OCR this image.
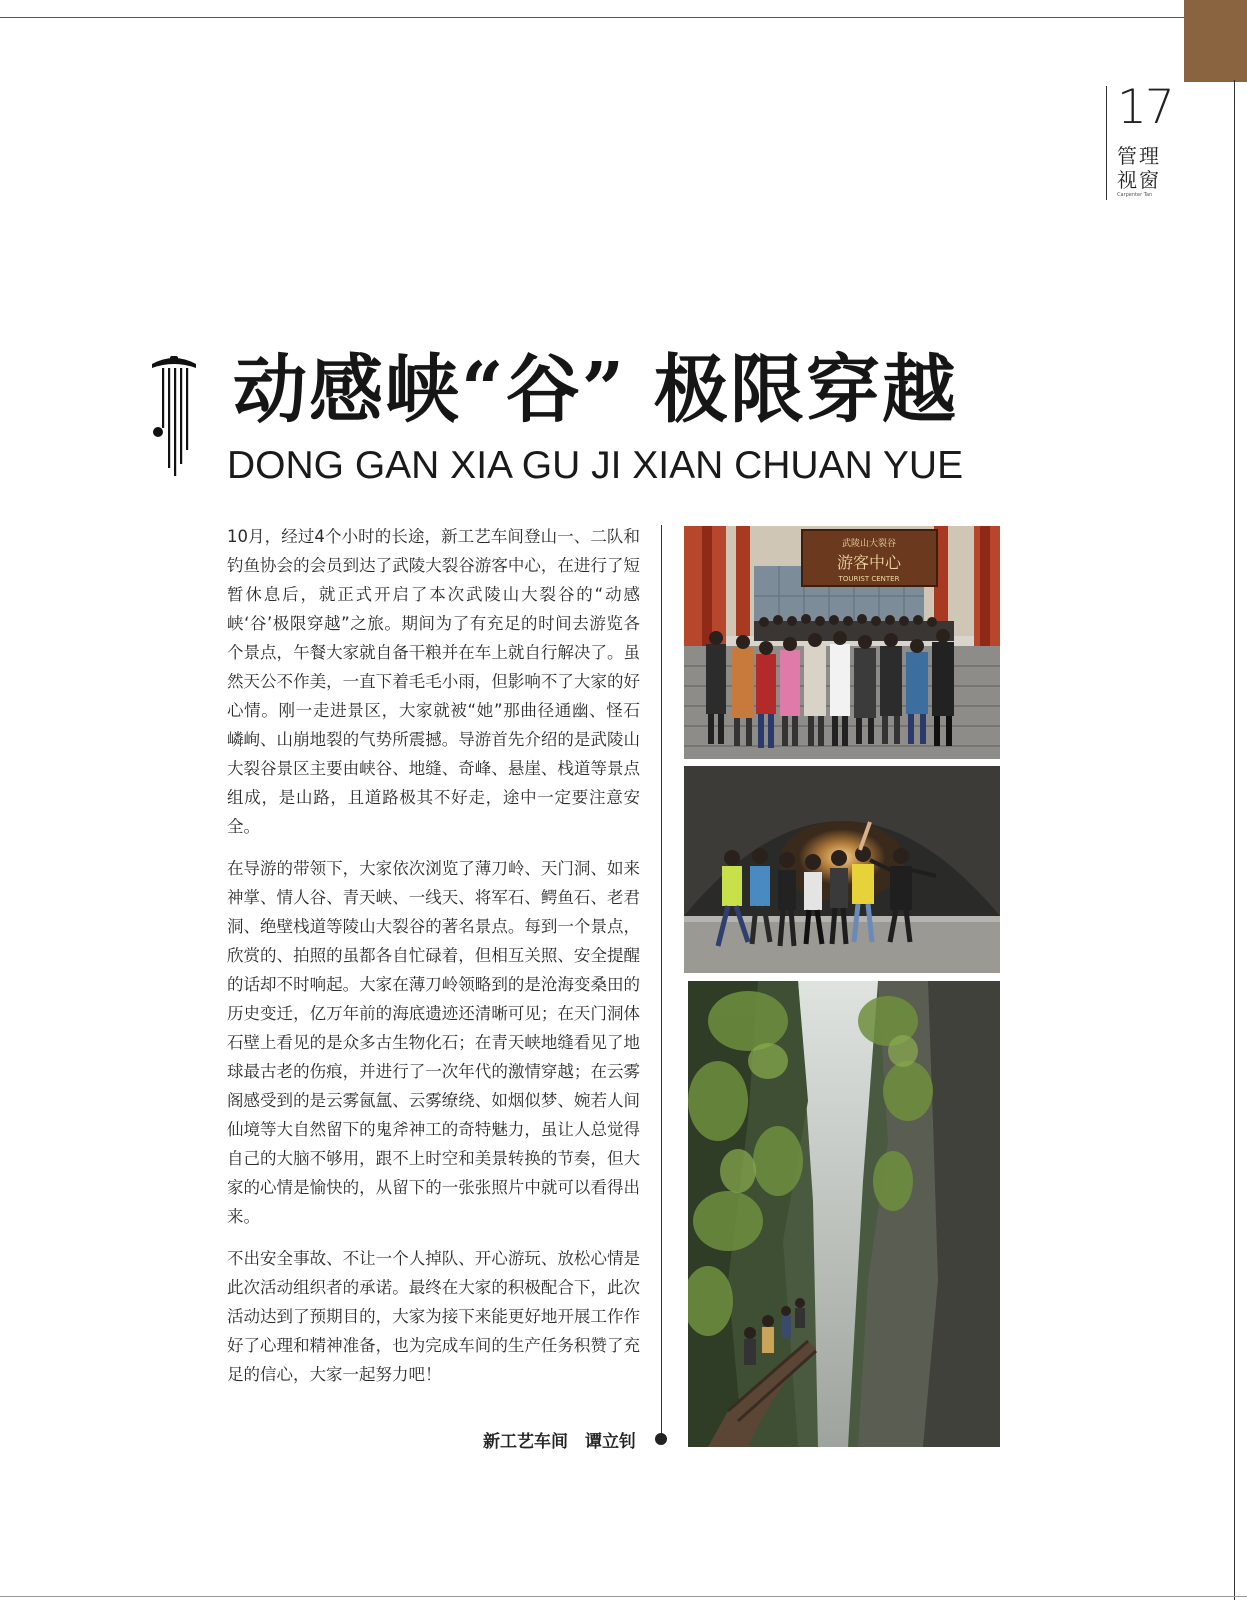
17
管理视窗
Carpenter Tan
动感峡“谷” 极限穿越
DONG GAN XIA GU JI XIAN CHUAN YUE

10月，经过4个小时的长途，新工艺车间登山一、二队和钓鱼协会的会员到达了武陵大裂谷游客中心，在进行了短暂休息后，就正式开启了本次武陵山大裂谷的“动感峡‘谷’极限穿越”之旅。期间为了有充足的时间去游览各个景点，午餐大家就自备干粮并在车上就自行解决了。虽然天公不作美，一直下着毛毛小雨，但影响不了大家的好心情。刚一走进景区，大家就被“她”那曲径通幽、怪石嶙峋、山崩地裂的气势所震撼。导游首先介绍的是武陵山大裂谷景区主要由峡谷、地缝、奇峰、悬崖、栈道等景点组成，是山路，且道路极其不好走，途中一定要注意安全。

在导游的带领下，大家依次浏览了薄刀岭、天门洞、如来神掌、情人谷、青天峡、一线天、将军石、鳄鱼石、老君洞、绝壁栈道等陵山大裂谷的著名景点。每到一个景点，欣赏的、拍照的虽都各自忙碌着，但相互关照、安全提醒的话却不时响起。大家在薄刀岭领略到的是沧海变桑田的历史变迁，亿万年前的海底遗迹还清晰可见；在天门洞体石壁上看见的是众多古生物化石；在青天峡地缝看见了地球最古老的伤痕，并进行了一次年代的激情穿越；在云雾阁感受到的是云雾氤氲、云雾缭绕、如烟似梦、婉若人间仙境等大自然留下的鬼斧神工的奇特魅力，虽让人总觉得自己的大脑不够用，跟不上时空和美景转换的节奏，但大家的心情是愉快的，从留下的一张张照片中就可以看得出来。

不出安全事故、不让一个人掉队、开心游玩、放松心情是此次活动组织者的承诺。最终在大家的积极配合下，此次活动达到了预期目的，大家为接下来能更好地开展工作作好了心理和精神准备，也为完成车间的生产任务积赞了充足的信心，大家一起努力吧！

新工艺车间　谭立钊
武陵山大裂谷
游客中心
TOURIST CENTER
